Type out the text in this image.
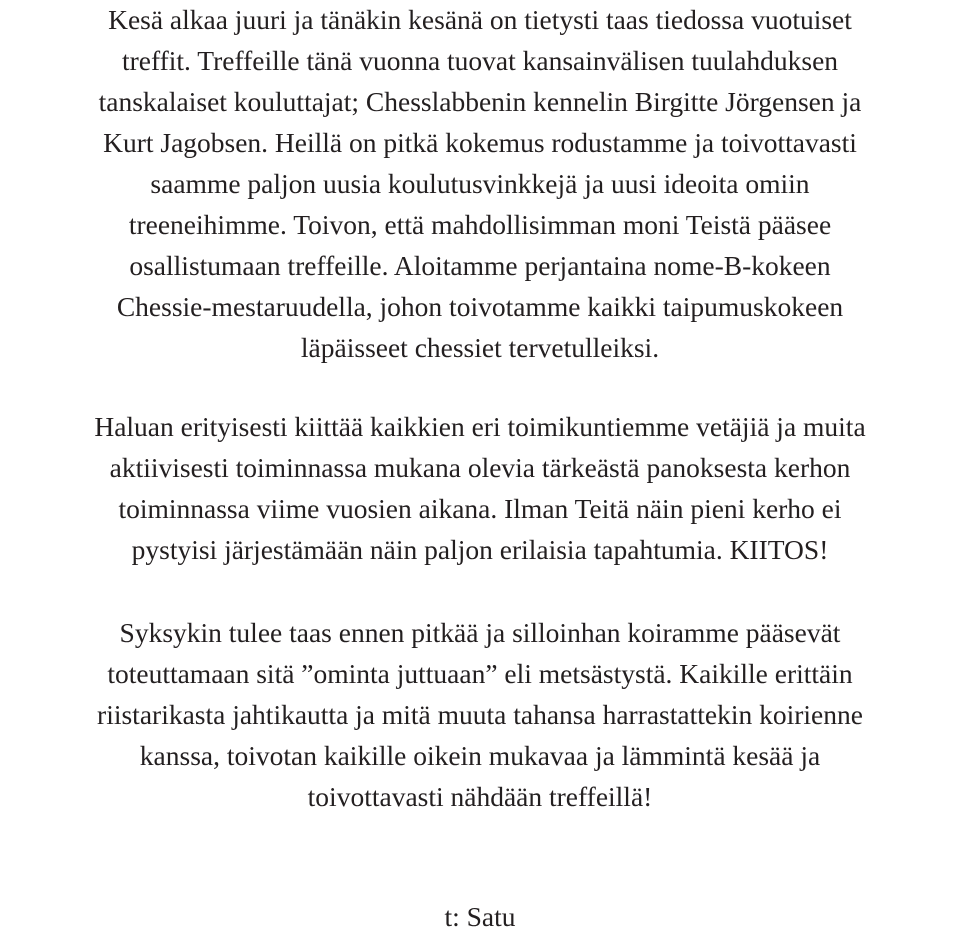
Kesä alkaa juuri ja tänäkin kesänä on tietysti taas tiedossa vuotuiset
treffit. Treffeille tänä vuonna tuovat kansainvälisen tuulahduksen
tanskalaiset kouluttajat; Chesslabbenin kennelin Birgitte Jörgensen ja
Kurt Jagobsen. Heillä on pitkä kokemus rodustamme ja toivottavasti
saamme paljon uusia koulutusvinkkejä ja uusi ideoita omiin
treeneihimme. Toivon, että mahdollisimman moni Teistä pääsee
osallistumaan treffeille. Aloitamme perjantaina nome-B-kokeen
Chessie-mestaruudella, johon toivotamme kaikki taipumuskokeen
läpäisseet chessiet tervetulleiksi.
Haluan erityisesti kiittää kaikkien eri toimikuntiemme vetäjiä ja muita
aktiivisesti toiminnassa mukana olevia tärkeästä panoksesta kerhon
toiminnassa viime vuosien aikana. Ilman Teitä näin pieni kerho ei
pystyisi järjestämään näin paljon erilaisia tapahtumia. KIITOS!
Syksykin tulee taas ennen pitkää ja silloinhan koiramme pääsevät
toteuttamaan sitä ”ominta juttuaan” eli metsästystä. Kaikille erittäin
riistarikasta jahtikautta ja mitä muuta tahansa harrastattekin koirienne
kanssa, toivotan kaikille oikein mukavaa ja lämmintä kesää ja
toivottavasti nähdään treffeillä!
t: Satu
